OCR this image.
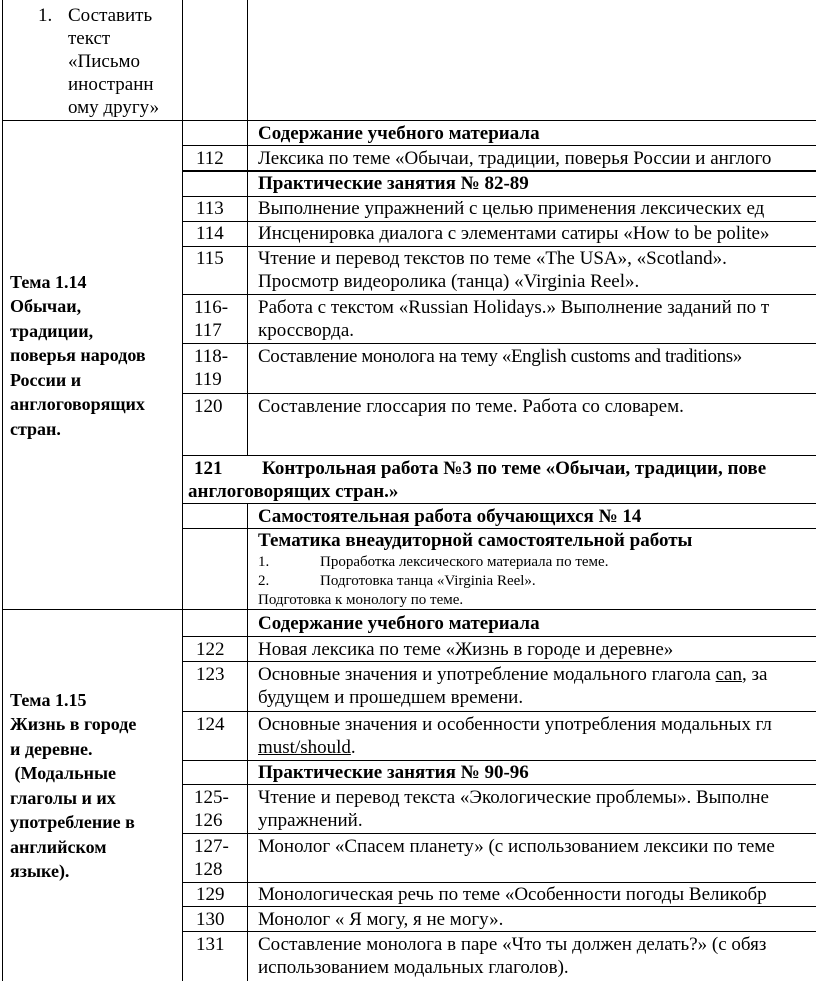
1. Составить
текст
«Письмо
иностранн
ому другу»
Тема 1.14
Обычаи,
традиции,
поверья народов
России и
англоговорящих
стран.
Содержание учебного материала
112 Лексика по теме «Обычаи, традиции, поверья России и англого
Практические занятия № 82-89
113 Выполнение упражнений с целью применения лексических ед
114 Инсценировка диалога с элементами сатиры «How to be polite»
115 Чтение и перевод текстов по теме «The USA», «Scotland».
Просмотр видеоролика (танца) «Virginia Reel».
116-
117
Работа с текстом «Russian Holidays.» Выполнение заданий по т
кроссворда.
118-
119
Составление монолога на тему «English customs and traditions»
120 Составление глоссария по теме. Работа со словарем.
121 Контрольная работа №3 по теме «Обычаи, традиции, пове
англоговорящих стран.»
Самостоятельная работа обучающихся № 14
Тематика внеаудиторной самостоятельной работы
1.	Проработка лексического материала по теме.
2.	Подготовка танца «Virginia Reel».
Подготовка к монологу по теме.
Тема 1.15
Жизнь в городе
и деревне.
(Модальные
глаголы и их
употребление в
английском
языке).
Содержание учебного материала
122 Новая лексика по теме «Жизнь в городе и деревне»
123 Основные значения и употребление модального глагола can, за
будущем и прошедшем времени.
124 Основные значения и особенности употребления модальных гл
must/should.
Практические занятия № 90-96
125-
126
Чтение и перевод текста «Экологические проблемы». Выполне
упражнений.
127-
128
Монолог «Спасем планету» (с использованием лексики по теме
129 Монологическая речь по теме «Особенности погоды Великобр
130 Монолог « Я могу, я не могу».
131 Составление монолога в паре «Что ты должен делать?» (с обяз
использованием модальных глаголов).
